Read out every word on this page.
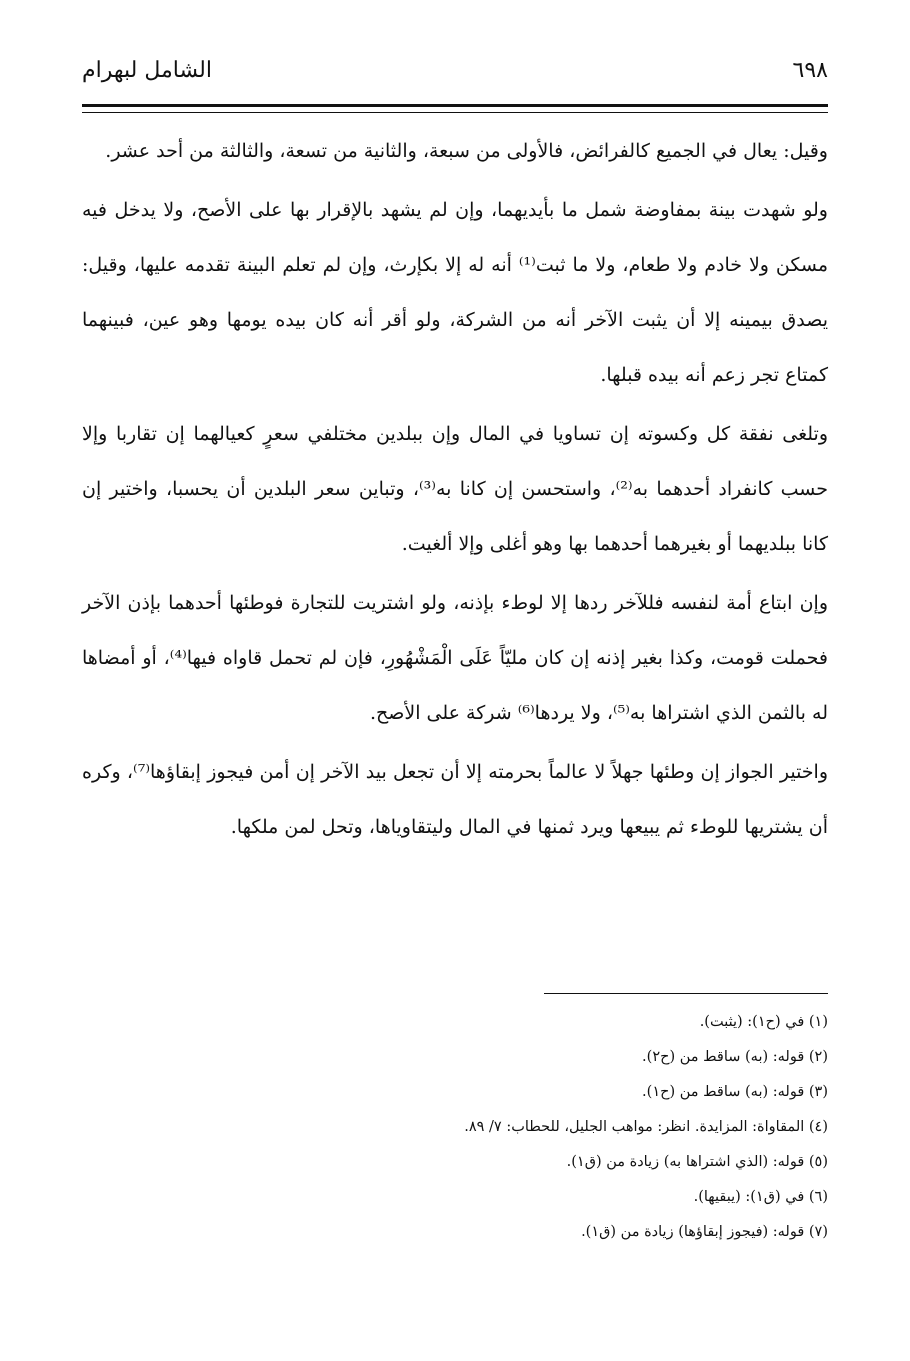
٦٩٨
الشامل لبهرام

وقيل: يعال في الجميع كالفرائض، فالأولى من سبعة، والثانية من تسعة، والثالثة من أحد عشر.

ولو شهدت بينة بمفاوضة شمل ما بأيديهما، وإن لم يشهد بالإقرار بها على الأصح، ولا يدخل فيه مسكن ولا خادم ولا طعام، ولا ما ثبت⁽¹⁾ أنه له إلا بكإرث، وإن لم تعلم البينة تقدمه عليها، وقيل: يصدق بيمينه إلا أن يثبت الآخر أنه من الشركة، ولو أقر أنه كان بيده يومها وهو عين، فبينهما كمتاع تجر زعم أنه بيده قبلها.

وتلغى نفقة كل وكسوته إن تساويا في المال وإن ببلدين مختلفي سعرٍ كعيالهما إن تقاربا وإلا حسب كانفراد أحدهما به⁽²⁾، واستحسن إن كانا به⁽³⁾، وتباين سعر البلدين أن يحسبا، واختير إن كانا ببلديهما أو بغيرهما أحدهما بها وهو أغلى وإلا ألغيت.

وإن ابتاع أمة لنفسه فللآخر ردها إلا لوطء بإذنه، ولو اشتريت للتجارة فوطئها أحدهما بإذن الآخر فحملت قومت، وكذا بغير إذنه إن كان مليّاً عَلَى الْمَشْهُورِ، فإن لم تحمل قاواه فيها⁽⁴⁾، أو أمضاها له بالثمن الذي اشتراها به⁽⁵⁾، ولا يردها⁽⁶⁾ شركة على الأصح.

واختير الجواز إن وطئها جهلاً لا عالماً بحرمته إلا أن تجعل بيد الآخر إن أمن فيجوز إبقاؤها⁽⁷⁾، وكره أن يشتريها للوطء ثم يبيعها ويرد ثمنها في المال وليتقاوياها، وتحل لمن ملكها.

(١) في (ح١): (يثبت).

(٢) قوله: (به) ساقط من (ح٢).

(٣) قوله: (به) ساقط من (ح١).

(٤) المقاواة: المزايدة. انظر: مواهب الجليل، للحطاب: ٧/ ٨٩.

(٥) قوله: (الذي اشتراها به) زيادة من (ق١).

(٦) في (ق١): (يبقيها).

(٧) قوله: (فيجوز إبقاؤها) زيادة من (ق١).
